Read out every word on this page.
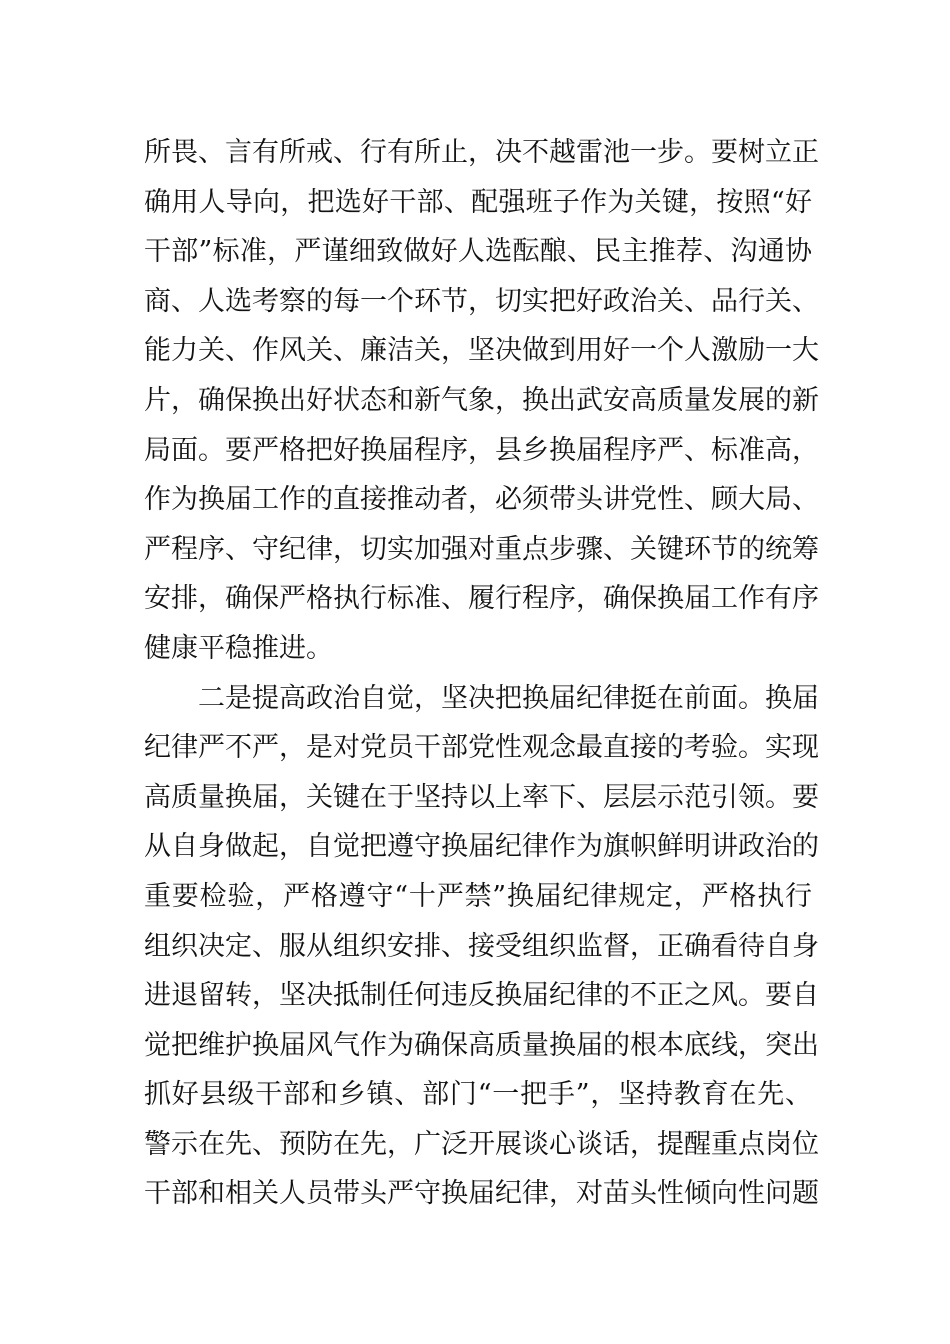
所畏、言有所戒、行有所止，决不越雷池一步。要树立正
确用人导向，把选好干部、配强班子作为关键，按照“好
干部”标准，严谨细致做好人选酝酿、民主推荐、沟通协
商、人选考察的每一个环节，切实把好政治关、品行关、
能力关、作风关、廉洁关，坚决做到用好一个人激励一大
片，确保换出好状态和新气象，换出武安高质量发展的新
局面。要严格把好换届程序，县乡换届程序严、标准高，
作为换届工作的直接推动者，必须带头讲党性、顾大局、
严程序、守纪律，切实加强对重点步骤、关键环节的统筹
安排，确保严格执行标准、履行程序，确保换届工作有序
健康平稳推进。
　　二是提高政治自觉，坚决把换届纪律挺在前面。换届
纪律严不严，是对党员干部党性观念最直接的考验。实现
高质量换届，关键在于坚持以上率下、层层示范引领。要
从自身做起，自觉把遵守换届纪律作为旗帜鲜明讲政治的
重要检验，严格遵守“十严禁”换届纪律规定，严格执行
组织决定、服从组织安排、接受组织监督，正确看待自身
进退留转，坚决抵制任何违反换届纪律的不正之风。要自
觉把维护换届风气作为确保高质量换届的根本底线，突出
抓好县级干部和乡镇、部门“一把手”，坚持教育在先、
警示在先、预防在先，广泛开展谈心谈话，提醒重点岗位
干部和相关人员带头严守换届纪律，对苗头性倾向性问题
